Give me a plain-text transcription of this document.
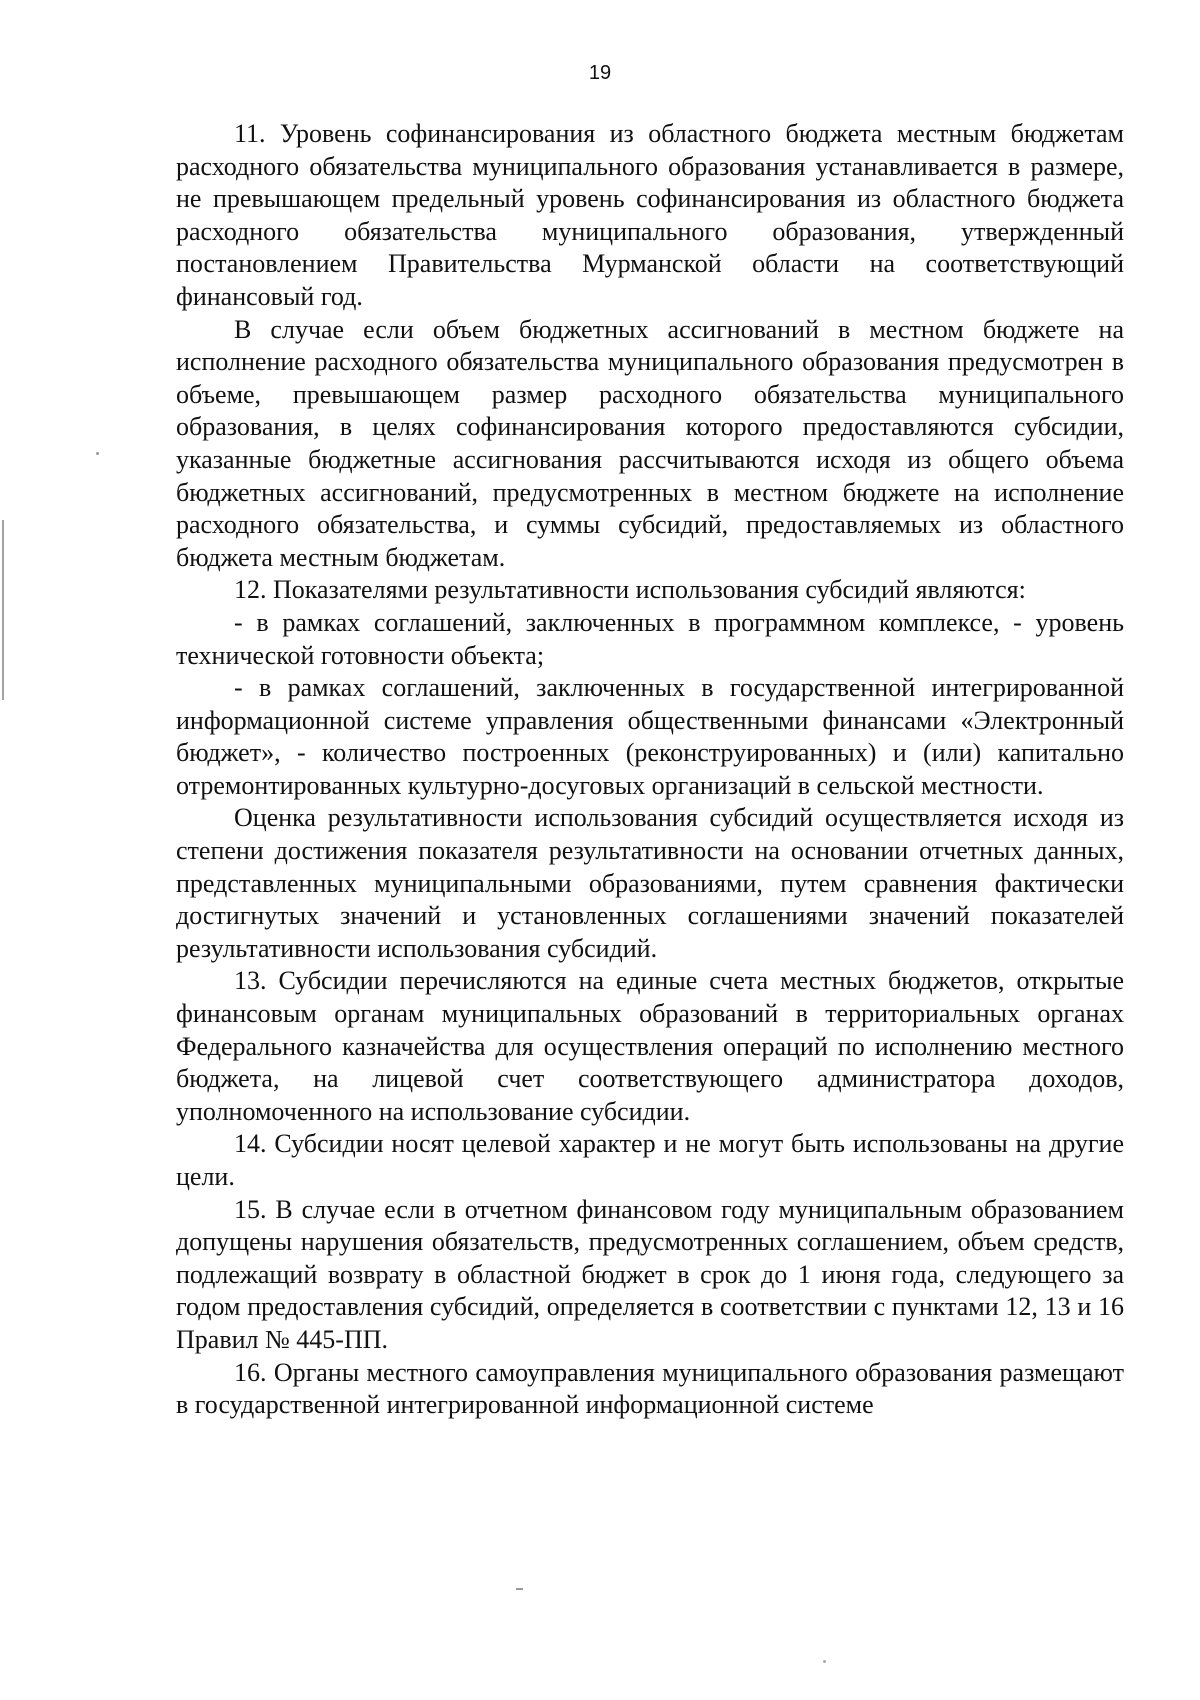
19

11. Уровень софинансирования из областного бюджета местным бюджетам расходного обязательства муниципального образования устанавливается в размере, не превышающем предельный уровень софинансирования из областного бюджета расходного обязательства муниципального образования, утвержденный постановлением Правительства Мурманской области на соответствующий финансовый год.

В случае если объем бюджетных ассигнований в местном бюджете на исполнение расходного обязательства муниципального образования предусмотрен в объеме, превышающем размер расходного обязательства муниципального образования, в целях софинансирования которого предоставляются субсидии, указанные бюджетные ассигнования рассчитываются исходя из общего объема бюджетных ассигнований, предусмотренных в местном бюджете на исполнение расходного обязательства, и суммы субсидий, предоставляемых из областного бюджета местным бюджетам.

12. Показателями результативности использования субсидий являются:

- в рамках соглашений, заключенных в программном комплексе, - уровень технической готовности объекта;

- в рамках соглашений, заключенных в государственной интегрированной информационной системе управления общественными финансами «Электронный бюджет», - количество построенных (реконструированных) и (или) капитально отремонтированных культурно-досуговых организаций в сельской местности.

Оценка результативности использования субсидий осуществляется исходя из степени достижения показателя результативности на основании отчетных данных, представленных муниципальными образованиями, путем сравнения фактически достигнутых значений и установленных соглашениями значений показателей результативности использования субсидий.

13. Субсидии перечисляются на единые счета местных бюджетов, открытые финансовым органам муниципальных образований в территориальных органах Федерального казначейства для осуществления операций по исполнению местного бюджета, на лицевой счет соответствующего администратора доходов, уполномоченного на использование субсидии.

14. Субсидии носят целевой характер и не могут быть использованы на другие цели.

15. В случае если в отчетном финансовом году муниципальным образованием допущены нарушения обязательств, предусмотренных соглашением, объем средств, подлежащий возврату в областной бюджет в срок до 1 июня года, следующего за годом предоставления субсидий, определяется в соответствии с пунктами 12, 13 и 16 Правил № 445-ПП.

16. Органы местного самоуправления муниципального образования размещают в государственной интегрированной информационной системе
